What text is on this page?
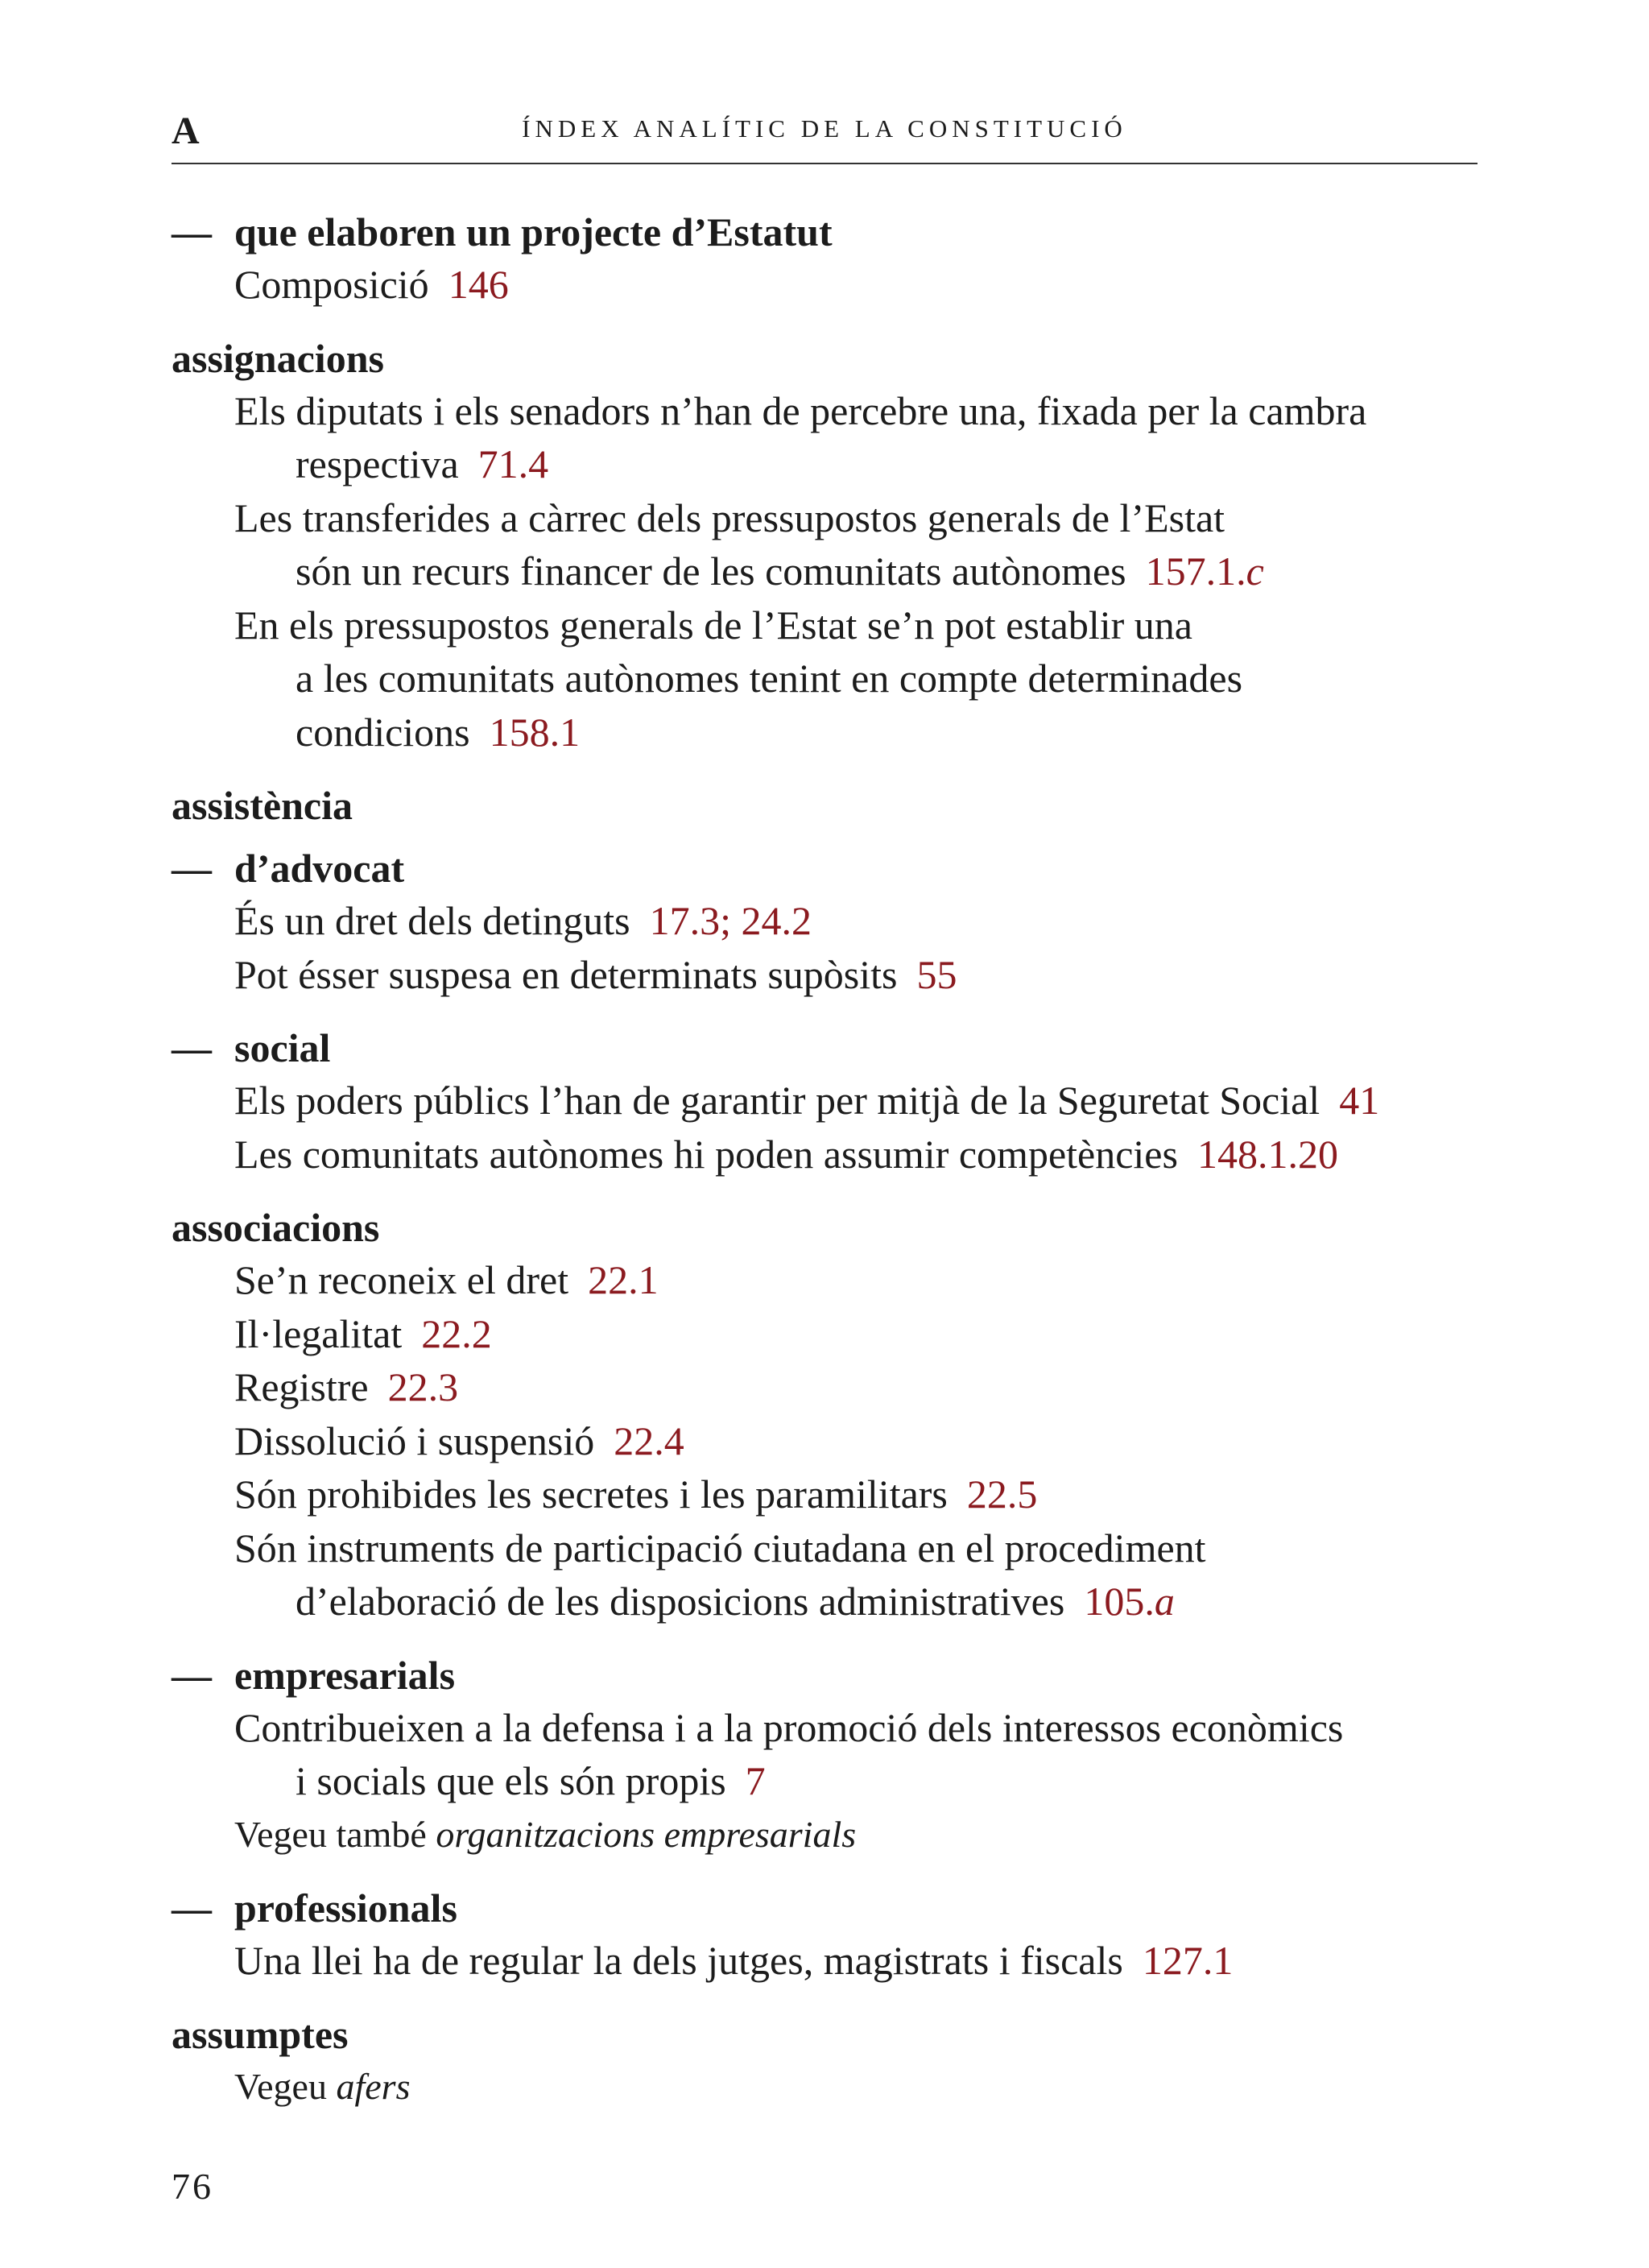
A	ÍNDEX ANALÍTIC DE LA CONSTITUCIÓ
— que elaboren un projecte d’Estatut
Composició 146
assignacions
Els diputats i els senadors n’han de percebre una, fixada per la cambra
respectiva 71.4
Les transferides a càrrec dels pressupostos generals de l’Estat
són un recurs financer de les comunitats autònomes 157.1.c
En els pressupostos generals de l’Estat se’n pot establir una
a les comunitats autònomes tenint en compte determinades
condicions 158.1
assistència
— d’advocat
És un dret dels detinguts 17.3; 24.2
Pot ésser suspesa en determinats supòsits 55
— social
Els poders públics l’han de garantir per mitjà de la Seguretat Social 41
Les comunitats autònomes hi poden assumir competències 148.1.20
associacions
Se’n reconeix el dret 22.1
Il·legalitat 22.2
Registre 22.3
Dissolució i suspensió 22.4
Són prohibides les secretes i les paramilitars 22.5
Són instruments de participació ciutadana en el procediment
d’elaboració de les disposicions administratives 105.a
— empresarials
Contribueixen a la defensa i a la promoció dels interessos econòmics
i socials que els són propis 7
Vegeu també organitzacions empresarials
— professionals
Una llei ha de regular la dels jutges, magistrats i fiscals 127.1
assumptes
Vegeu afers
76
